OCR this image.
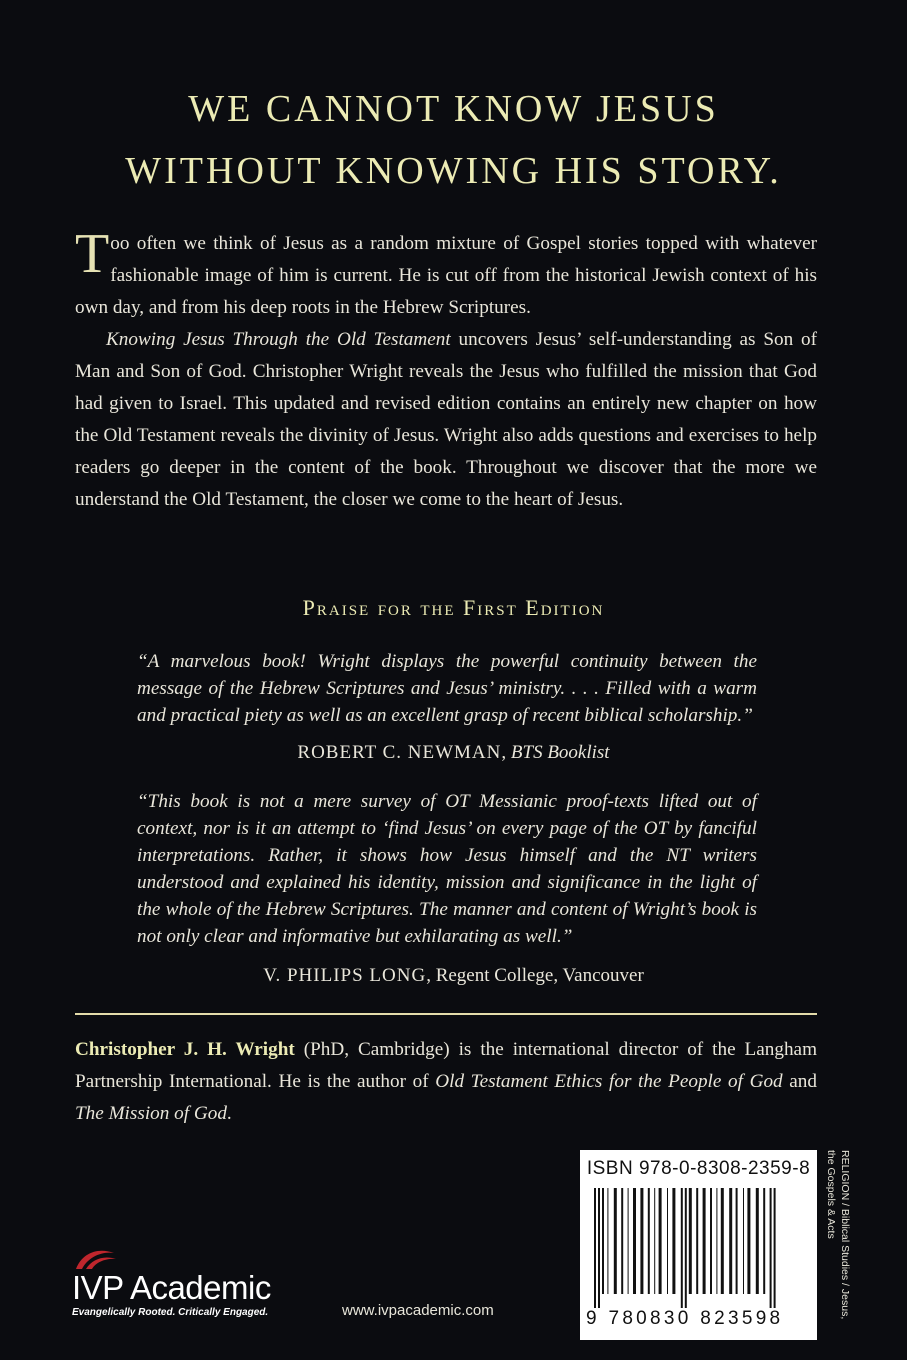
WE CANNOT KNOW JESUS
WITHOUT KNOWING HIS STORY.

Too often we think of Jesus as a random mixture of Gospel stories topped with whatever fashionable image of him is current. He is cut off from the historical Jewish context of his own day, and from his deep roots in the Hebrew Scriptures.

Knowing Jesus Through the Old Testament uncovers Jesus’ self-understanding as Son of Man and Son of God. Christopher Wright reveals the Jesus who fulfilled the mission that God had given to Israel. This updated and revised edition contains an entirely new chapter on how the Old Testament reveals the divinity of Jesus. Wright also adds questions and exercises to help readers go deeper in the content of the book. Throughout we discover that the more we understand the Old Testament, the closer we come to the heart of Jesus.

Praise for the First Edition
“A marvelous book! Wright displays the powerful continuity between the message of the Hebrew Scriptures and Jesus’ ministry. . . . Filled with a warm and practical piety as well as an excellent grasp of recent biblical scholarship.”
ROBERT C. NEWMAN, BTS Booklist
“This book is not a mere survey of OT Messianic proof-texts lifted out of context, nor is it an attempt to ‘find Jesus’ on every page of the OT by fanciful interpretations. Rather, it shows how Jesus himself and the NT writers understood and explained his identity, mission and significance in the light of the whole of the Hebrew Scriptures. The manner and content of Wright’s book is not only clear and informative but exhilarating as well.”
V. PHILIPS LONG, Regent College, Vancouver
Christopher J. H. Wright (PhD, Cambridge) is the international director of the Langham Partnership International. He is the author of Old Testament Ethics for the People of God and The Mission of God.
ISBN 978-0-8308-2359-8
9 780830 823598	RELIGION / Biblical Studies / Jesus,
the Gospels & Acts
IVP Academic
Evangelically Rooted. Critically Engaged.	www.ivpacademic.com
